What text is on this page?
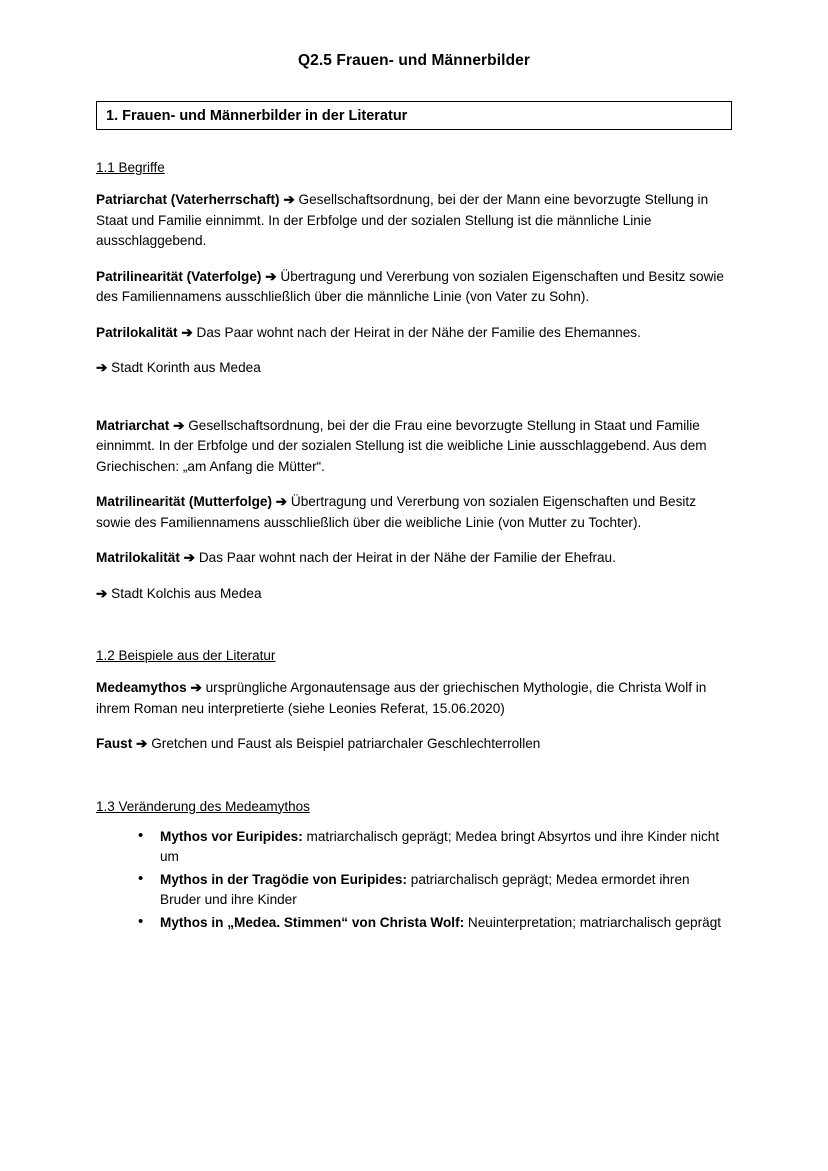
Q2.5 Frauen- und Männerbilder
1. Frauen- und Männerbilder in der Literatur
1.1 Begriffe

Patriarchat (Vaterherrschaft) ➔ Gesellschaftsordnung, bei der der Mann eine bevorzugte Stellung in Staat und Familie einnimmt. In der Erbfolge und der sozialen Stellung ist die männliche Linie ausschlaggebend.

Patrilinearität (Vaterfolge) ➔ Übertragung und Vererbung von sozialen Eigenschaften und Besitz sowie des Familiennamens ausschließlich über die männliche Linie (von Vater zu Sohn).

Patrilokalität ➔ Das Paar wohnt nach der Heirat in der Nähe der Familie des Ehemannes.

➔ Stadt Korinth aus Medea

Matriarchat ➔ Gesellschaftsordnung, bei der die Frau eine bevorzugte Stellung in Staat und Familie einnimmt. In der Erbfolge und der sozialen Stellung ist die weibliche Linie ausschlaggebend. Aus dem Griechischen: „am Anfang die Mütter“.

Matrilinearität (Mutterfolge) ➔ Übertragung und Vererbung von sozialen Eigenschaften und Besitz sowie des Familiennamens ausschließlich über die weibliche Linie (von Mutter zu Tochter).

Matrilokalität ➔ Das Paar wohnt nach der Heirat in der Nähe der Familie der Ehefrau.

➔ Stadt Kolchis aus Medea

1.2 Beispiele aus der Literatur

Medeamythos ➔ ursprüngliche Argonautensage aus der griechischen Mythologie, die Christa Wolf in ihrem Roman neu interpretierte (siehe Leonies Referat, 15.06.2020)

Faust ➔ Gretchen und Faust als Beispiel patriarchaler Geschlechterrollen

1.3 Veränderung des Medeamythos
• Mythos vor Euripides: matriarchalisch geprägt; Medea bringt Absyrtos und ihre Kinder nicht um
• Mythos in der Tragödie von Euripides: patriarchalisch geprägt; Medea ermordet ihren Bruder und ihre Kinder
• Mythos in „Medea. Stimmen“ von Christa Wolf: Neuinterpretation; matriarchalisch geprägt
